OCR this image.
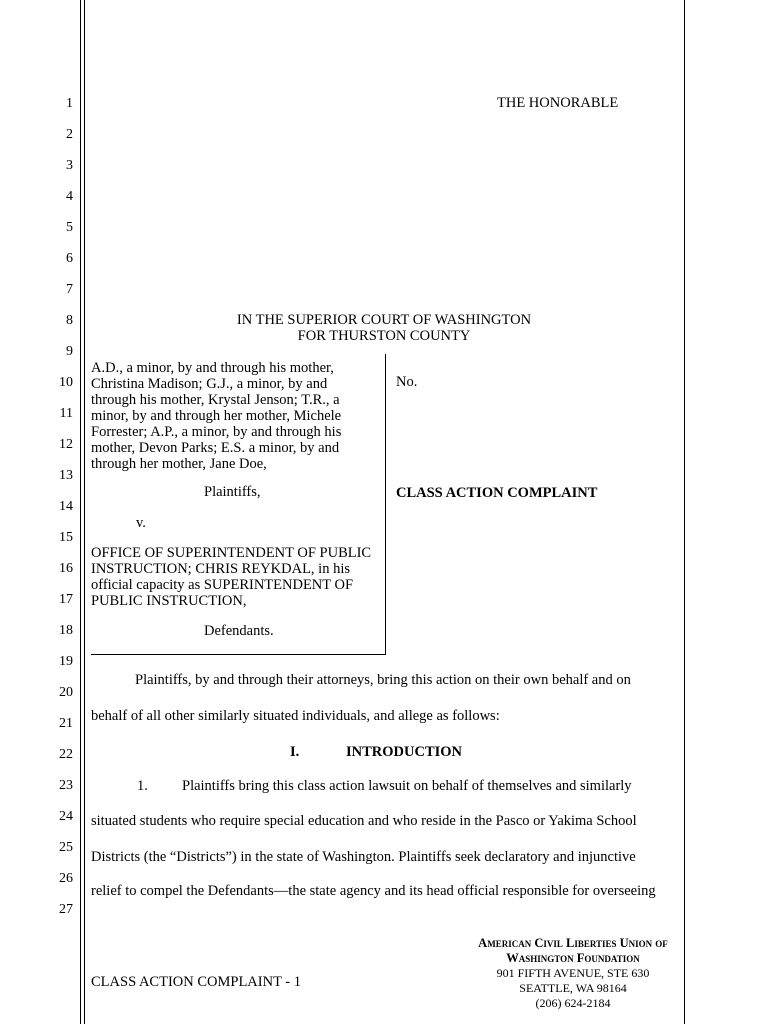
1
2
3
4
5
6
7
8
9
10
11
12
13
14
15
16
17
18
19
20
21
22
23
24
25
26
27
THE HONORABLE
IN THE SUPERIOR COURT OF WASHINGTON
FOR THURSTON COUNTY
A.D., a minor, by and through his mother,
Christina Madison; G.J., a minor, by and
through his mother, Krystal Jenson; T.R., a
minor, by and through her mother, Michele
Forrester; A.P., a minor, by and through his
mother, Devon Parks; E.S. a minor, by and
through her mother, Jane Doe,
Plaintiffs,
v.
OFFICE OF SUPERINTENDENT OF PUBLIC
INSTRUCTION; CHRIS REYKDAL, in his
official capacity as SUPERINTENDENT OF
PUBLIC INSTRUCTION,
Defendants.
No.
CLASS ACTION COMPLAINT
Plaintiffs, by and through their attorneys, bring this action on their own behalf and on
behalf of all other similarly situated individuals, and allege as follows:
I.	INTRODUCTION
1. Plaintiffs bring this class action lawsuit on behalf of themselves and similarly
situated students who require special education and who reside in the Pasco or Yakima School
Districts (the “Districts”) in the state of Washington. Plaintiffs seek declaratory and injunctive
relief to compel the Defendants—the state agency and its head official responsible for overseeing
CLASS ACTION COMPLAINT - 1
American Civil Liberties Union of
Washington Foundation
901 FIFTH AVENUE, STE 630
SEATTLE, WA 98164
(206) 624-2184
